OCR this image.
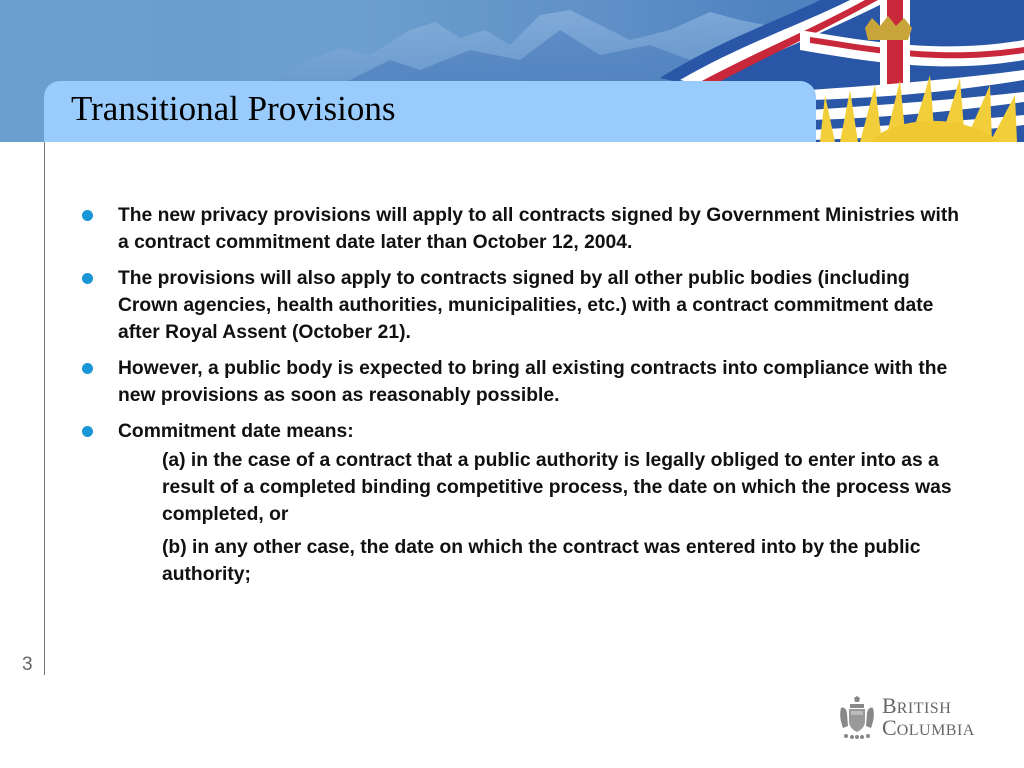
Transitional Provisions
3
The new privacy provisions will apply to all contracts signed by Government Ministries with a contract commitment date later than October 12, 2004.
The provisions will also apply to contracts signed by all other public bodies (including Crown agencies, health authorities, municipalities, etc.) with a contract commitment date after Royal Assent (October 21).
However, a public body is expected to bring all existing contracts into compliance with the new provisions as soon as reasonably possible.
Commitment date means:
(a) in the case of a contract that a public authority is legally obliged to enter into as a result of a completed binding competitive process, the date on which the process was completed, or
(b) in any other case, the date on which the contract was entered into by the public authority;
BRITISH
COLUMBIA
